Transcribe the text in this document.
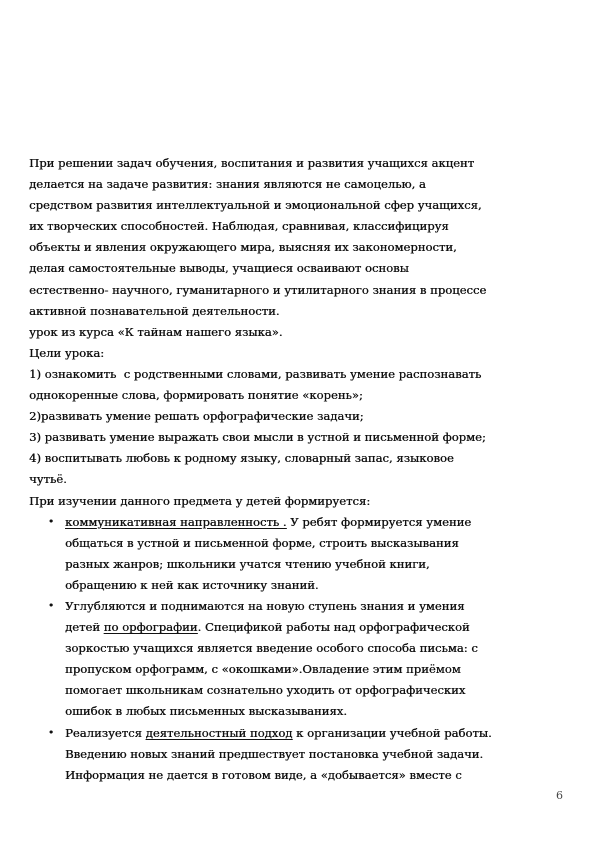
При решении задач обучения, воспитания и развития учащихся акцент
делается на задаче развития: знания являются не самоцелью, а
средством развития интеллектуальной и эмоциональной сфер учащихся,
их творческих способностей. Наблюдая, сравнивая, классифицируя
объекты и явления окружающего мира, выясняя их закономерности,
делая самостоятельные выводы, учащиеся осваивают основы
естественно- научного, гуманитарного и утилитарного знания в процессе
активной познавательной деятельности.
урок из курса «К тайнам нашего языка».
Цели урока:
1) ознакомить  с родственными словами, развивать умение распознавать
однокоренные слова, формировать понятие «корень»;
2)развивать умение решать орфографические задачи;
3) развивать умение выражать свои мысли в устной и письменной форме;
4) воспитывать любовь к родному языку, словарный запас, языковое
чутьё.
При изучении данного предмета у детей формируется:
• коммуникативная направленность . У ребят формируется умение
общаться в устной и письменной форме, строить высказывания
разных жанров; школьники учатся чтению учебной книги,
обращению к ней как источнику знаний.
• Углубляются и поднимаются на новую ступень знания и умения
детей по орфографии. Спецификой работы над орфографической
зоркостью учащихся является введение особого способа письма: с
пропуском орфограмм, с «окошками».Овладение этим приёмом
помогает школьникам сознательно уходить от орфографических
ошибок в любых письменных высказываниях.
• Реализуется деятельностный подход к организации учебной работы.
Введению новых знаний предшествует постановка учебной задачи.
Информация не дается в готовом виде, а «добывается» вместе с
6
